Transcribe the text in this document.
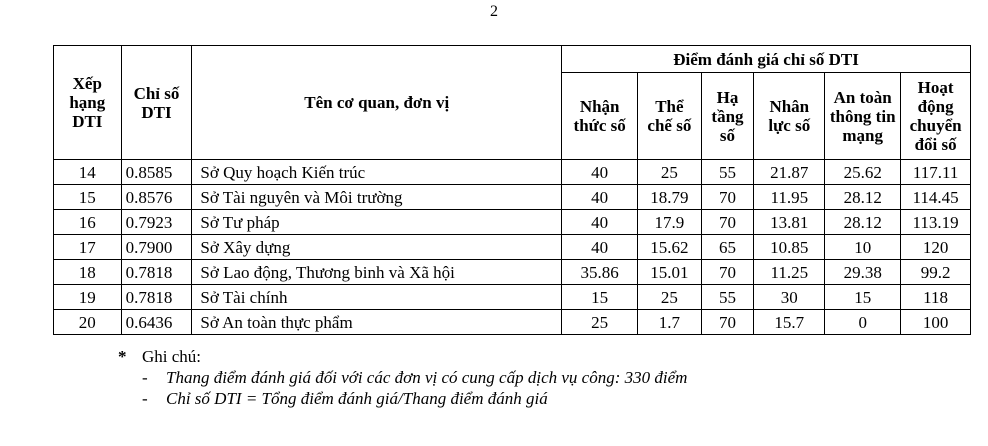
2
Xếp hạng DTI	Chỉ số DTI	Tên cơ quan, đơn vị	Điểm đánh giá chỉ số DTI					
			Nhận thức số	Thể chế số	Hạ tầng số	Nhân lực số	An toàn thông tin mạng	Hoạt động chuyển đổi số
14	0.8585	Sở Quy hoạch Kiến trúc	40	25	55	21.87	25.62	117.11
15	0.8576	Sở Tài nguyên và Môi trường	40	18.79	70	11.95	28.12	114.45
16	0.7923	Sở Tư pháp	40	17.9	70	13.81	28.12	113.19
17	0.7900	Sở Xây dựng	40	15.62	65	10.85	10	120
18	0.7818	Sở Lao động, Thương binh và Xã hội	35.86	15.01	70	11.25	29.38	99.2
19	0.7818	Sở Tài chính	15	25	55	30	15	118
20	0.6436	Sở An toàn thực phẩm	25	1.7	70	15.7	0	100
* Ghi chú:
-	Thang điểm đánh giá đối với các đơn vị có cung cấp dịch vụ công: 330 điểm
-	Chỉ số DTI = Tổng điểm đánh giá/Thang điểm đánh giá
